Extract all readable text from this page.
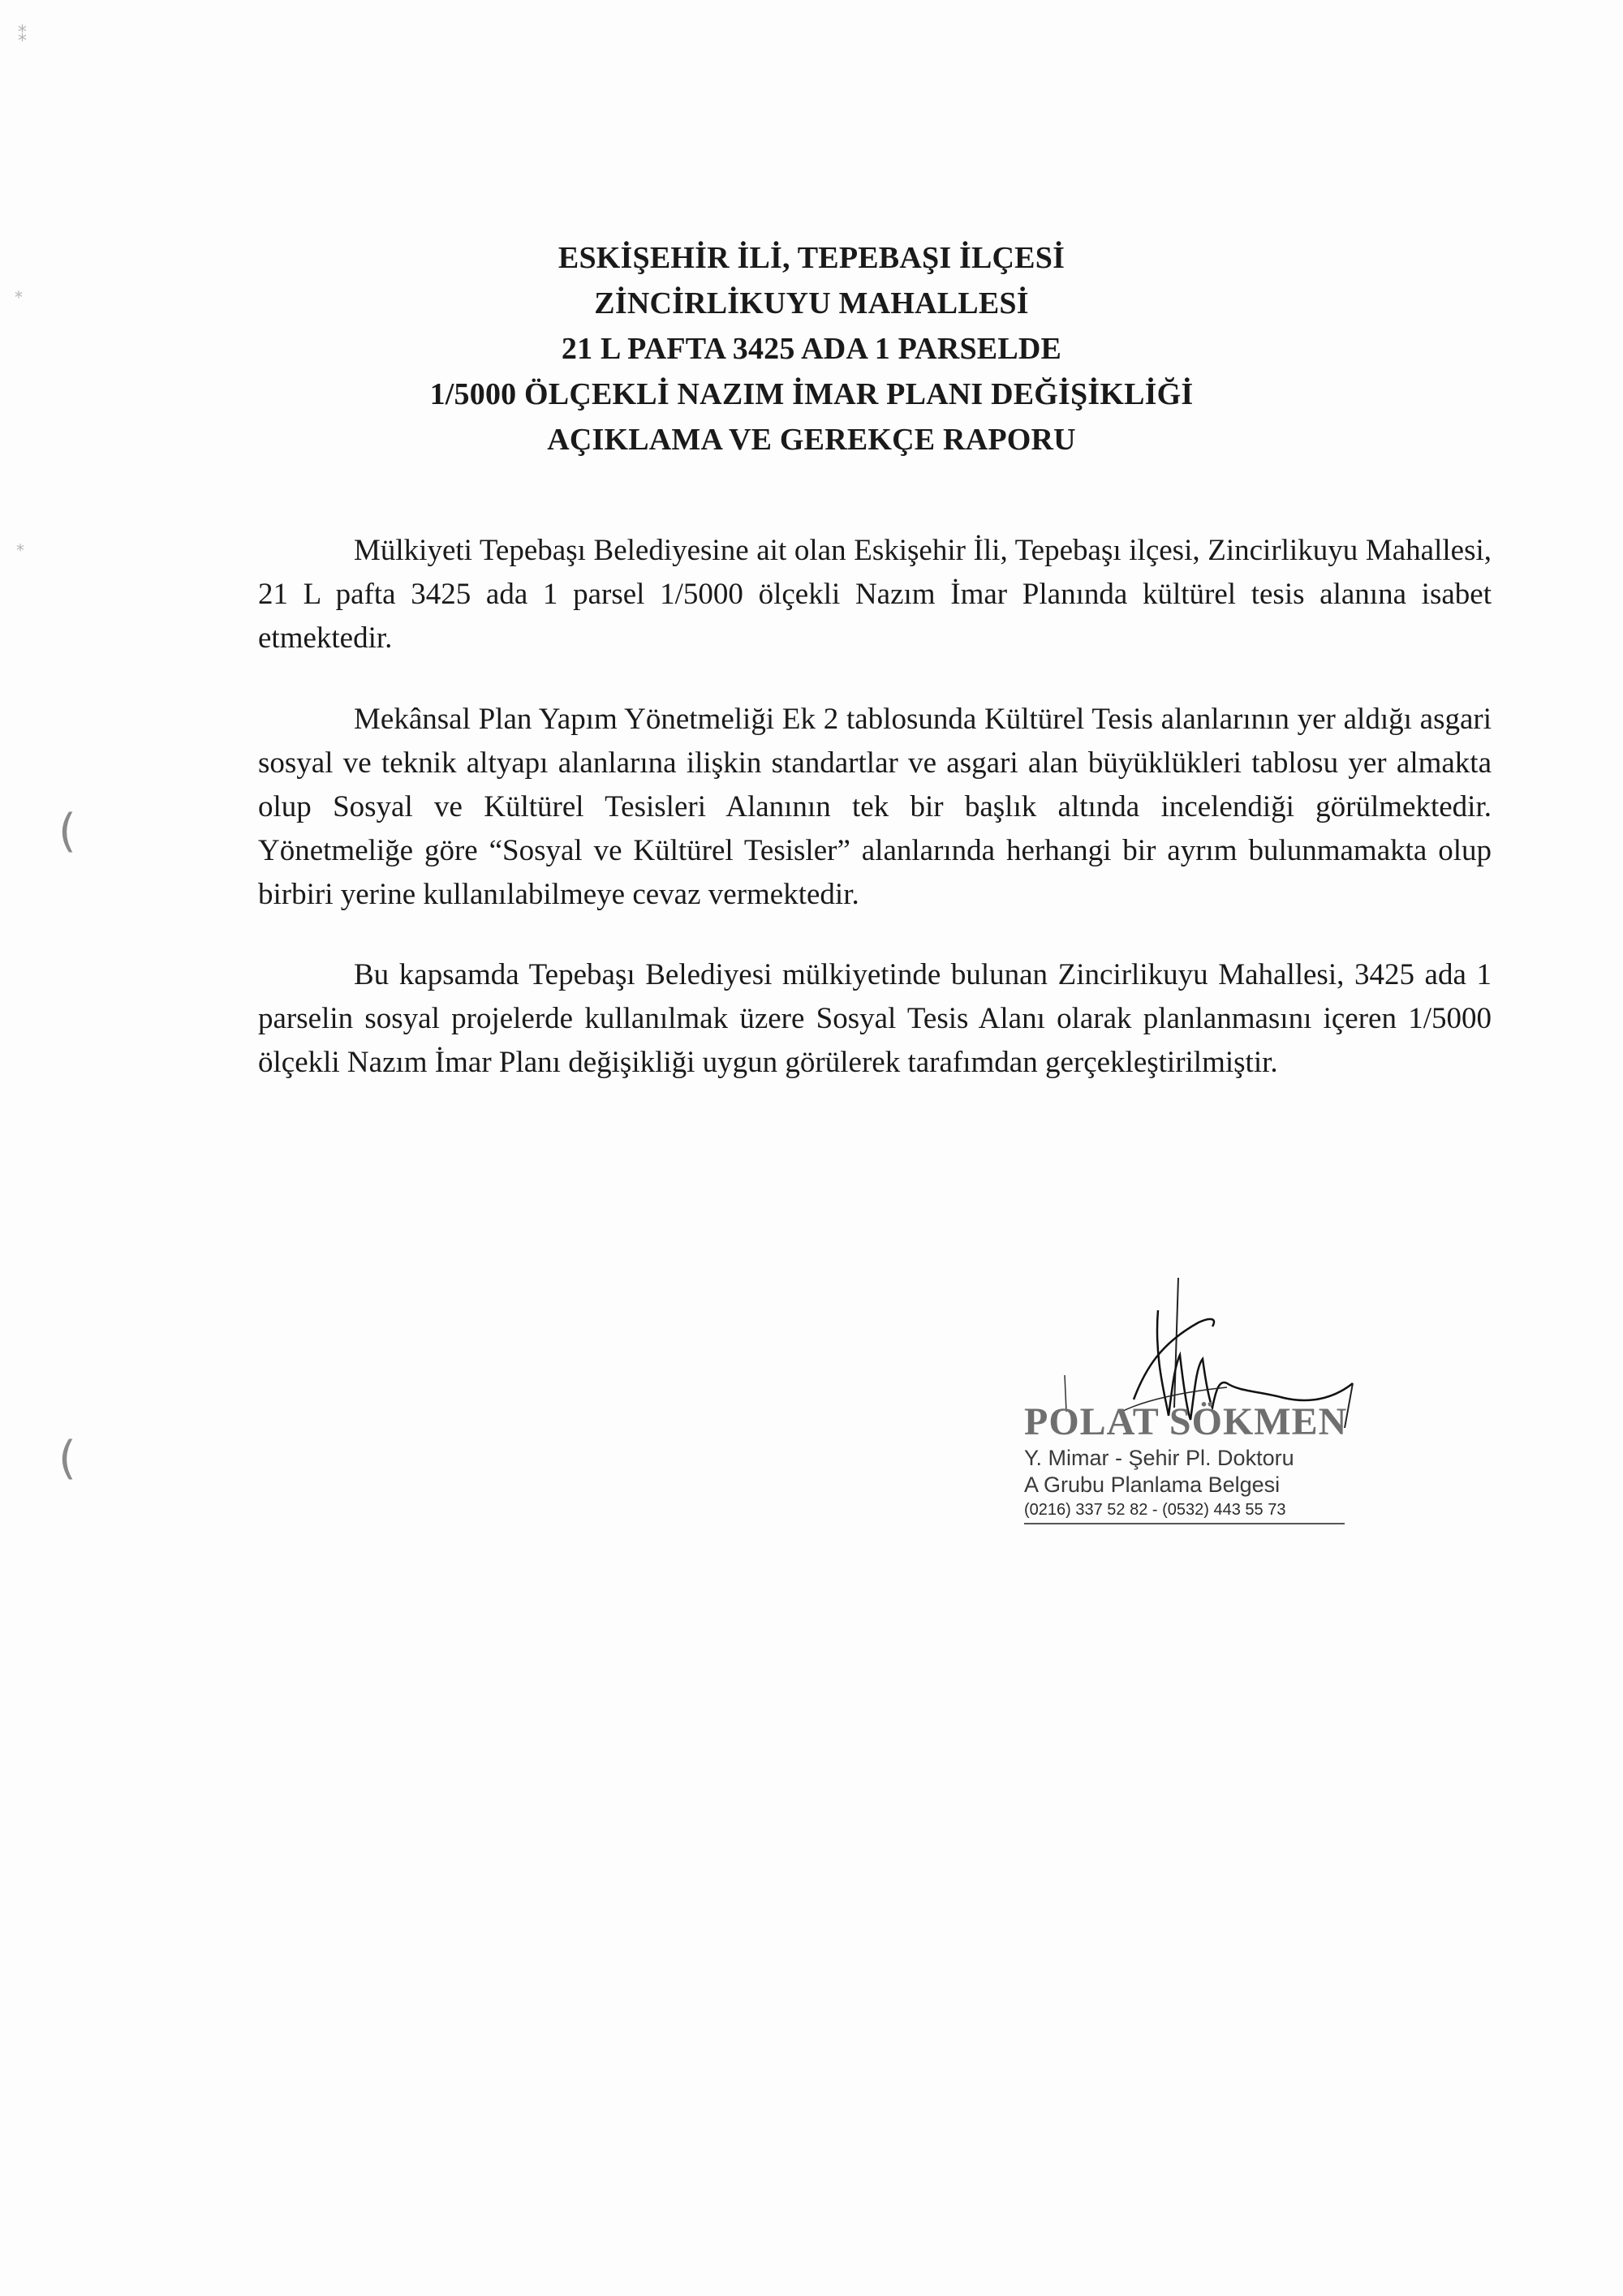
⁑
⁎
⁎
(
(
ESKİŞEHİR İLİ, TEPEBAŞI İLÇESİ
ZİNCİRLİKUYU MAHALLESİ
21 L PAFTA 3425 ADA 1 PARSELDE
1/5000 ÖLÇEKLİ NAZIM İMAR PLANI DEĞİŞİKLİĞİ
AÇIKLAMA VE GEREKÇE RAPORU

Mülkiyeti Tepebaşı Belediyesine ait olan Eskişehir İli, Tepebaşı ilçesi, Zincirlikuyu Mahallesi, 21 L pafta 3425 ada 1 parsel 1/5000 ölçekli Nazım İmar Planında kültürel tesis alanına isabet etmektedir.

Mekânsal Plan Yapım Yönetmeliği Ek 2 tablosunda Kültürel Tesis alanlarının yer aldığı asgari sosyal ve teknik altyapı alanlarına ilişkin standartlar ve asgari alan büyüklükleri tablosu yer almakta olup Sosyal ve Kültürel Tesisleri Alanının tek bir başlık altında incelendiği görülmektedir. Yönetmeliğe göre “Sosyal ve Kültürel Tesisler” alanlarında herhangi bir ayrım bulunmamakta olup birbiri yerine kullanılabilmeye cevaz vermektedir.

Bu kapsamda Tepebaşı Belediyesi mülkiyetinde bulunan Zincirlikuyu Mahallesi, 3425 ada 1 parselin sosyal projelerde kullanılmak üzere Sosyal Tesis Alanı olarak planlanmasını içeren 1/5000 ölçekli Nazım İmar Planı değişikliği uygun görülerek tarafımdan gerçekleştirilmiştir.

POLAT SÖKMEN
Y. Mimar - Şehir Pl. Doktoru
A Grubu Planlama Belgesi
(0216) 337 52 82 - (0532) 443 55 73
